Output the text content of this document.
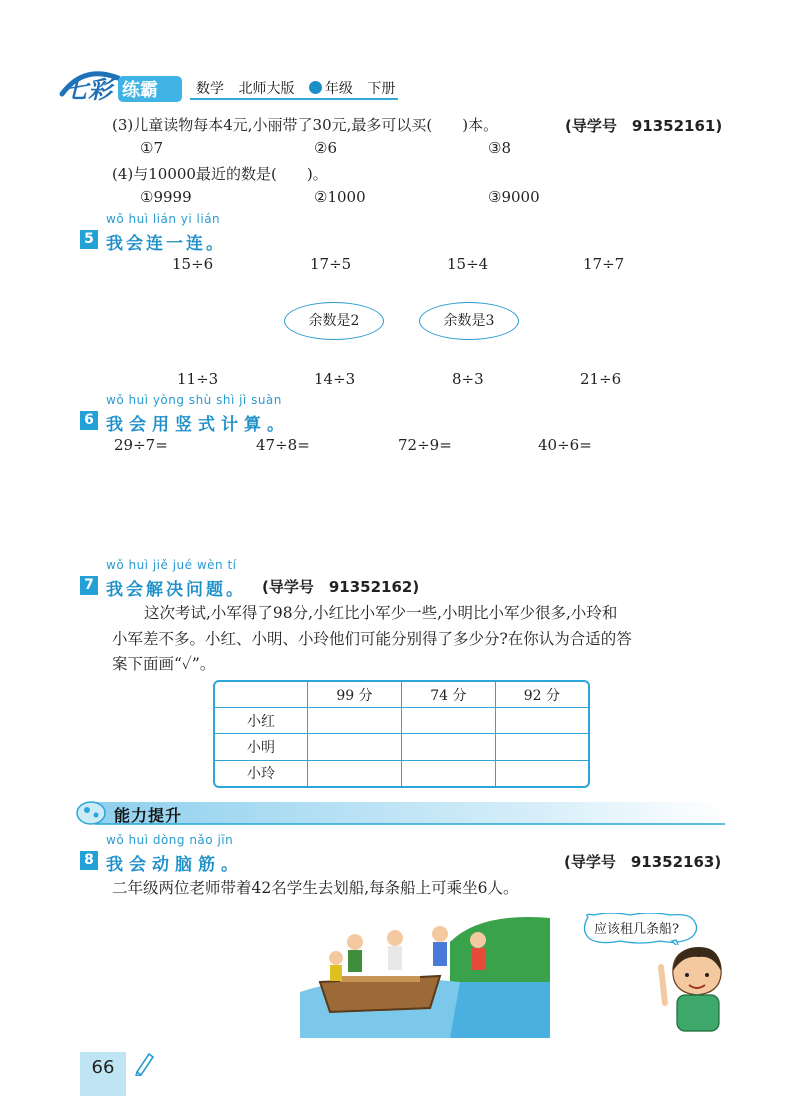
七彩 练霸	数学 北师大版 年级 下册
(3)儿童读物每本4元,小丽带了30元,最多可以买( )本。	(导学号　91352161)
①7	②6	③8
(4)与10000最近的数是( )。
①9999	②1000	③9000
wǒ huì lián yi lián
5 我会连一连。
15÷6	17÷5	15÷4	17÷7
余数是2	余数是3
11÷3	14÷3	8÷3	21÷6
wǒ huì yòng shù shì jì suàn
6 我会用竖式计算。
29÷7=	47÷8=	72÷9=	40÷6=
wǒ huì jiě jué wèn tí
7 我会解决问题。 (导学号　91352162)
这次考试,小军得了98分,小红比小军少一些,小明比小军少很多,小玲和
小军差不多。小红、小明、小玲他们可能分别得了多少分?在你认为合适的答
案下面画“✓”。
	99 分	74 分	92 分
小红			
小明			
小玲			
能力提升
wǒ huì dòng nǎo jīn
8 我会动脑筋。	(导学号　91352163)
二年级两位老师带着42名学生去划船,每条船上可乘坐6人。
应该租几条船?
66
